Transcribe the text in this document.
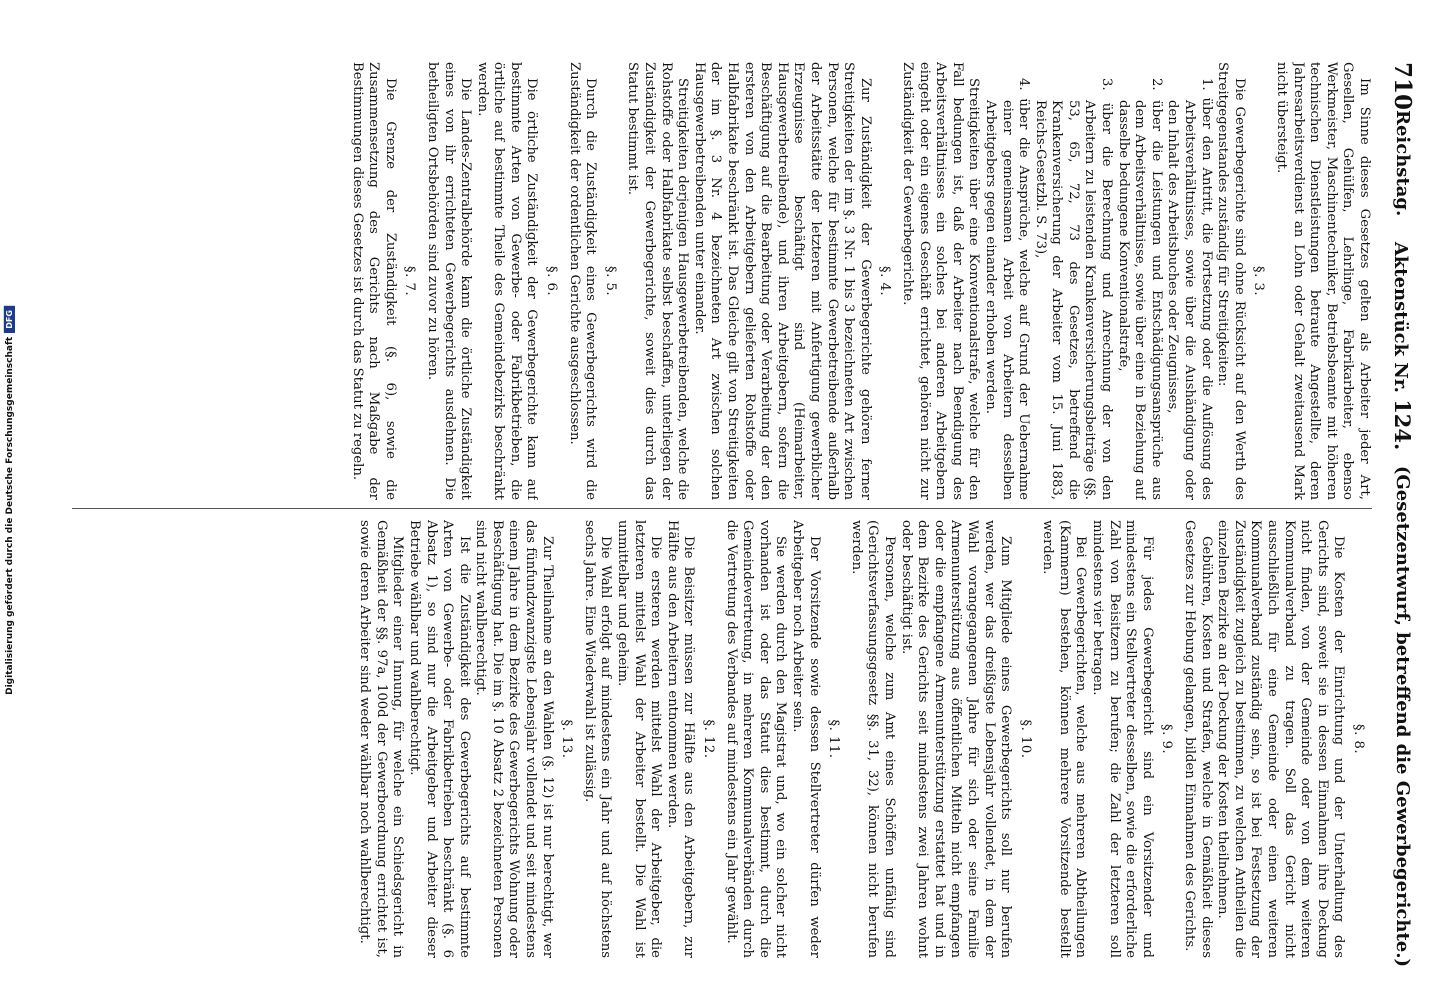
710
Reichstag.
Aktenstück Nr. 124.
(Gesetzentwurf, betreffend die Gewerbegerichte.)

Im Sinne dieses Gesetzes gelten als Arbeiter jeder Art, Gesellen, Gehülfen, Lehrlinge, Fabrikarbeiter, ebenso Werkmeister, Maschinentechniker, Betriebsbeamte mit höheren technischen Dienstleistungen betraute Angestellte, deren Jahresarbeitsverdienst an Lohn oder Gehalt zweitausend Mark nicht übersteigt.

§. 3.

Die Gewerbegerichte sind ohne Rücksicht auf den Werth des Streitgegenstandes zuständig für Streitigkeiten:

1. über den Antritt, die Fortsetzung oder die Auflösung des Arbeitsverhältnisses, sowie über die Aushändigung oder den Inhalt des Arbeitsbuches oder Zeugnisses,

2. über die Leistungen und Entschädigungsansprüche aus dem Arbeitsverhältnisse, sowie über eine in Beziehung auf dasselbe bedungene Konventionalstrafe,

3. über die Berechnung und Anrechnung der von den Arbeitern zu leistenden Krankenversicherungsbeiträge (§§. 53, 65, 72, 73 des Gesetzes, betreffend die Krankenversicherung der Arbeiter vom 15. Juni 1883, Reichs-Gesetzbl. S. 73),

4. über die Ansprüche, welche auf Grund der Uebernahme einer gemeinsamen Arbeit von Arbeitern desselben Arbeitgebers gegen einander erhoben werden.

Streitigkeiten über eine Konventionalstrafe, welche für den Fall bedungen ist, daß der Arbeiter nach Beendigung des Arbeitsverhältnisses ein solches bei anderen Arbeitgebern eingeht oder ein eigenes Geschäft errichtet, gehören nicht zur Zuständigkeit der Gewerbegerichte.

§. 4.

Zur Zuständigkeit der Gewerbegerichte gehören ferner Streitigkeiten der im §. 3 Nr. 1 bis 3 bezeichneten Art zwischen Personen, welche für bestimmte Gewerbetreibende außerhalb der Arbeitsstätte der letzteren mit Anfertigung gewerblicher Erzeugnisse beschäftigt sind (Heimarbeiter, Hausgewerbetreibende), und ihren Arbeitgebern, sofern die Beschäftigung auf die Bearbeitung oder Verarbeitung der den ersteren von den Arbeitgebern gelieferten Rohstoffe oder Halbfabrikate beschränkt ist. Das Gleiche gilt von Streitigkeiten der im §. 3 Nr. 4 bezeichneten Art zwischen solchen Hausgewerbetreibenden unter einander.

Streitigkeiten derjenigen Hausgewerbetreibenden, welche die Rohstoffe oder Halbfabrikate selbst beschaffen, unterliegen der Zuständigkeit der Gewerbegerichte, soweit dies durch das Statut bestimmt ist.

§. 5.

Durch die Zuständigkeit eines Gewerbegerichts wird die Zuständigkeit der ordentlichen Gerichte ausgeschlossen.

§. 6.

Die örtliche Zuständigkeit der Gewerbegerichte kann auf bestimmte Arten von Gewerbe- oder Fabrikbetrieben, die örtliche auf bestimmte Theile des Gemeindebezirks beschränkt werden.

Die Landes-Zentralbehörde kann die örtliche Zuständigkeit eines von ihr errichteten Gewerbegerichts ausdehnen. Die betheiligten Ortsbehörden sind zuvor zu hören.

§. 7.

Die Grenze der Zuständigkeit (§. 6), sowie die Zusammensetzung des Gerichts nach Maßgabe der Bestimmungen dieses Gesetzes ist durch das Statut zu regeln.

§. 8.

Die Kosten der Einrichtung und der Unterhaltung des Gerichts sind, soweit sie in dessen Einnahmen ihre Deckung nicht finden, von der Gemeinde oder von dem weiteren Kommunalverband zu tragen. Soll das Gericht nicht ausschließlich für eine Gemeinde oder einen weiteren Kommunalverband zuständig sein, so ist bei Festsetzung der Zuständigkeit zugleich zu bestimmen, zu welchen Antheilen die einzelnen Bezirke an der Deckung der Kosten theilnehmen.

Gebühren, Kosten und Strafen, welche in Gemäßheit dieses Gesetzes zur Hebung gelangen, bilden Einnahmen des Gerichts.

§. 9.

Für jedes Gewerbegericht sind ein Vorsitzender und mindestens ein Stellvertreter desselben, sowie die erforderliche Zahl von Beisitzern zu berufen; die Zahl der letzteren soll mindestens vier betragen.

Bei Gewerbegerichten, welche aus mehreren Abtheilungen (Kammern) bestehen, können mehrere Vorsitzende bestellt werden.

§. 10.

Zum Mitgliede eines Gewerbegerichts soll nur berufen werden, wer das dreißigste Lebensjahr vollendet, in dem der Wahl vorangegangenen Jahre für sich oder seine Familie Armenunterstützung aus öffentlichen Mitteln nicht empfangen oder die empfangene Armenunterstützung erstattet hat und in dem Bezirke des Gerichts seit mindestens zwei Jahren wohnt oder beschäftigt ist.

Personen, welche zum Amt eines Schöffen unfähig sind (Gerichtsverfassungsgesetz §§. 31, 32), können nicht berufen werden.

§. 11.

Der Vorsitzende sowie dessen Stellvertreter dürfen weder Arbeitgeber noch Arbeiter sein.

Sie werden durch den Magistrat und, wo ein solcher nicht vorhanden ist oder das Statut dies bestimmt, durch die Gemeindevertretung, in mehreren Kommunalverbänden durch die Vertretung des Verbandes auf mindestens ein Jahr gewählt.

§. 12.

Die Beisitzer müssen zur Hälfte aus den Arbeitgebern, zur Hälfte aus den Arbeitern entnommen werden.

Die ersteren werden mittelst Wahl der Arbeitgeber, die letzteren mittelst Wahl der Arbeiter bestellt. Die Wahl ist unmittelbar und geheim.

Die Wahl erfolgt auf mindestens ein Jahr und auf höchstens sechs Jahre. Eine Wiederwahl ist zulässig.

§. 13.

Zur Theilnahme an den Wahlen (§. 12) ist nur berechtigt, wer das fünfundzwanzigste Lebensjahr vollendet und seit mindestens einem Jahre in dem Bezirke des Gewerbegerichts Wohnung oder Beschäftigung hat. Die im §. 10 Absatz 2 bezeichneten Personen sind nicht wahlberechtigt.

Ist die Zuständigkeit des Gewerbegerichts auf bestimmte Arten von Gewerbe- oder Fabrikbetrieben beschränkt (§. 6 Absatz 1), so sind nur die Arbeitgeber und Arbeiter dieser Betriebe wählbar und wahlberechtigt.

Mitglieder einer Innung, für welche ein Schiedsgericht in Gemäßheit der §§. 97a, 100d der Gewerbeordnung errichtet ist, sowie deren Arbeiter sind weder wählbar noch wahlberechtigt.

Digitalisierung gefördert durch die Deutsche Forschungsgemeinschaft
DFG
